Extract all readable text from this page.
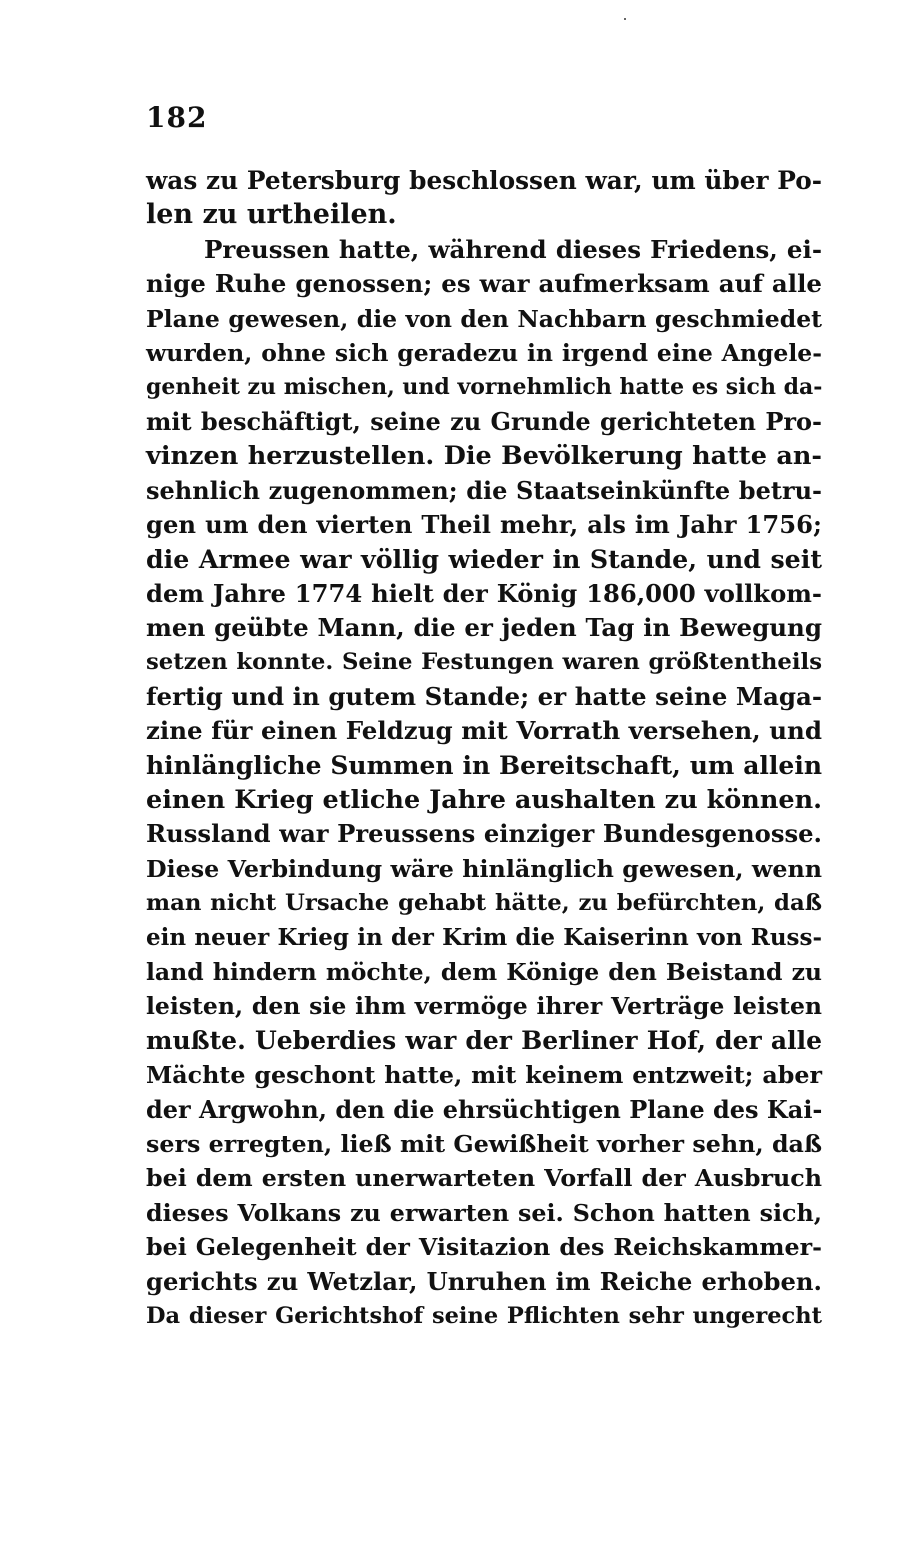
182
was zu Petersburg beschlossen war, um über Po-
len zu urtheilen.
Preussen hatte, während dieses Friedens, ei-
nige Ruhe genossen; es war aufmerksam auf alle
Plane gewesen, die von den Nachbarn geschmiedet
wurden, ohne sich geradezu in irgend eine Angele-
genheit zu mischen, und vornehmlich hatte es sich da-
mit beschäftigt, seine zu Grunde gerichteten Pro-
vinzen herzustellen. Die Bevölkerung hatte an-
sehnlich zugenommen; die Staatseinkünfte betru-
gen um den vierten Theil mehr, als im Jahr 1756;
die Armee war völlig wieder in Stande, und seit
dem Jahre 1774 hielt der König 186,000 vollkom-
men geübte Mann, die er jeden Tag in Bewegung
setzen konnte. Seine Festungen waren größtentheils
fertig und in gutem Stande; er hatte seine Maga-
zine für einen Feldzug mit Vorrath versehen, und
hinlängliche Summen in Bereitschaft, um allein
einen Krieg etliche Jahre aushalten zu können.
Russland war Preussens einziger Bundesgenosse.
Diese Verbindung wäre hinlänglich gewesen, wenn
man nicht Ursache gehabt hätte, zu befürchten, daß
ein neuer Krieg in der Krim die Kaiserinn von Russ-
land hindern möchte, dem Könige den Beistand zu
leisten, den sie ihm vermöge ihrer Verträge leisten
mußte. Ueberdies war der Berliner Hof, der alle
Mächte geschont hatte, mit keinem entzweit; aber
der Argwohn, den die ehrsüchtigen Plane des Kai-
sers erregten, ließ mit Gewißheit vorher sehn, daß
bei dem ersten unerwarteten Vorfall der Ausbruch
dieses Volkans zu erwarten sei. Schon hatten sich,
bei Gelegenheit der Visitazion des Reichskammer-
gerichts zu Wetzlar, Unruhen im Reiche erhoben.
Da dieser Gerichtshof seine Pflichten sehr ungerecht
